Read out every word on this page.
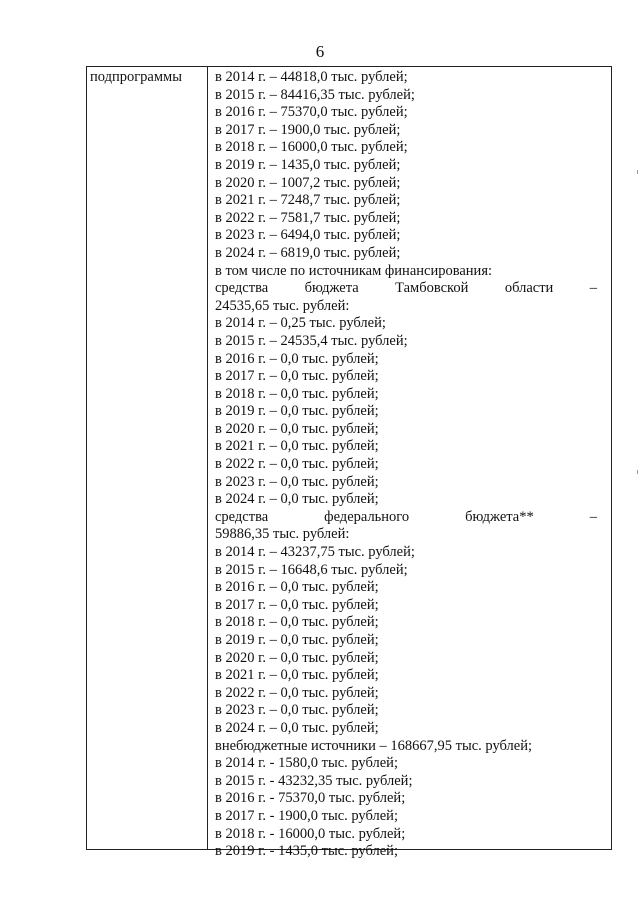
6
подпрограммы в 2014 г. – 44818,0 тыс. рублей;
в 2015 г. – 84416,35 тыс. рублей;
в 2016 г. – 75370,0 тыс. рублей;
в 2017 г. – 1900,0 тыс. рублей;
в 2018 г. – 16000,0 тыс. рублей;
в 2019 г. – 1435,0 тыс. рублей;
в 2020 г. – 1007,2 тыс. рублей;
в 2021 г. – 7248,7 тыс. рублей;
в 2022 г. – 7581,7 тыс. рублей;
в 2023 г. – 6494,0 тыс. рублей;
в 2024 г. – 6819,0 тыс. рублей;
в том числе по источникам финансирования:
средства	бюджета	Тамбовской	области	–
24535,65 тыс. рублей:
в 2014 г. – 0,25 тыс. рублей;
в 2015 г. – 24535,4 тыс. рублей;
в 2016 г. – 0,0 тыс. рублей;
в 2017 г. – 0,0 тыс. рублей;
в 2018 г. – 0,0 тыс. рублей;
в 2019 г. – 0,0 тыс. рублей;
в 2020 г. – 0,0 тыс. рублей;
в 2021 г. – 0,0 тыс. рублей;
в 2022 г. – 0,0 тыс. рублей;
в 2023 г. – 0,0 тыс. рублей;
в 2024 г. – 0,0 тыс. рублей;
средства	федерального	бюджета**	–
59886,35 тыс. рублей:
в 2014 г. – 43237,75 тыс. рублей;
в 2015 г. – 16648,6 тыс. рублей;
в 2016 г. – 0,0 тыс. рублей;
в 2017 г. – 0,0 тыс. рублей;
в 2018 г. – 0,0 тыс. рублей;
в 2019 г. – 0,0 тыс. рублей;
в 2020 г. – 0,0 тыс. рублей;
в 2021 г. – 0,0 тыс. рублей;
в 2022 г. – 0,0 тыс. рублей;
в 2023 г. – 0,0 тыс. рублей;
в 2024 г. – 0,0 тыс. рублей;
внебюджетные источники – 168667,95 тыс. рублей;
в 2014 г. - 1580,0 тыс. рублей;
в 2015 г. - 43232,35 тыс. рублей;
в 2016 г. - 75370,0 тыс. рублей;
в 2017 г. - 1900,0 тыс. рублей;
в 2018 г. - 16000,0 тыс. рублей;
в 2019 г. - 1435,0 тыс. рублей;
